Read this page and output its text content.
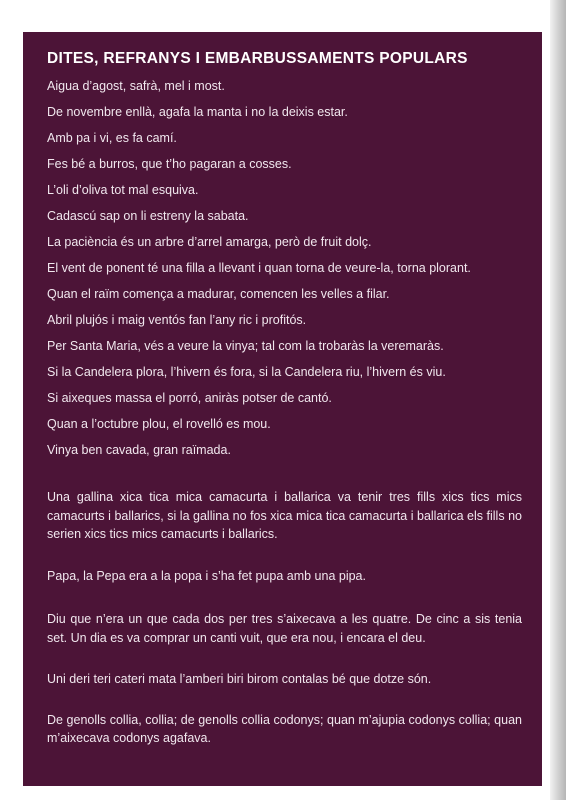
DITES, REFRANYS I EMBARBUSSAMENTS POPULARS
Aigua d’agost, safrà, mel i most.
De novembre enllà, agafa la manta i no la deixis estar.
Amb pa i vi, es fa camí.
Fes bé a burros, que t’ho pagaran a cosses.
L’oli d’oliva tot mal esquiva.
Cadascú sap on li estreny la sabata.
La paciència és un arbre d’arrel amarga, però de fruit dolç.
El vent de ponent té una filla a llevant i quan torna de veure-la, torna plorant.
Quan el raïm comença a madurar, comencen les velles a filar.
Abril plujós i maig ventós fan l’any ric i profitós.
Per Santa Maria, vés a veure la vinya; tal com la trobaràs la veremaràs.
Si la Candelera plora, l’hivern és fora, si la Candelera riu, l’hivern és viu.
Si aixeques massa el porró, aniràs potser de cantó.
Quan a l’octubre plou, el rovelló es mou.
Vinya ben cavada, gran raïmada.

Una gallina xica tica mica camacurta i ballarica va tenir tres fills xics tics mics camacurts i ballarics, si la gallina no fos xica mica tica camacurta i ballarica els fills no serien xics tics mics camacurts i ballarics.

Papa, la Pepa era a la popa i s’ha fet pupa amb una pipa.

Diu que n’era un que cada dos per tres s’aixecava a les quatre. De cinc a sis tenia set. Un dia es va comprar un canti vuit, que era nou, i encara el deu.

Uni deri teri cateri mata l’amberi biri birom contalas bé que dotze són.

De genolls collia, collia; de genolls collia codonys; quan m’ajupia codonys collia; quan m’aixecava codonys agafava.
